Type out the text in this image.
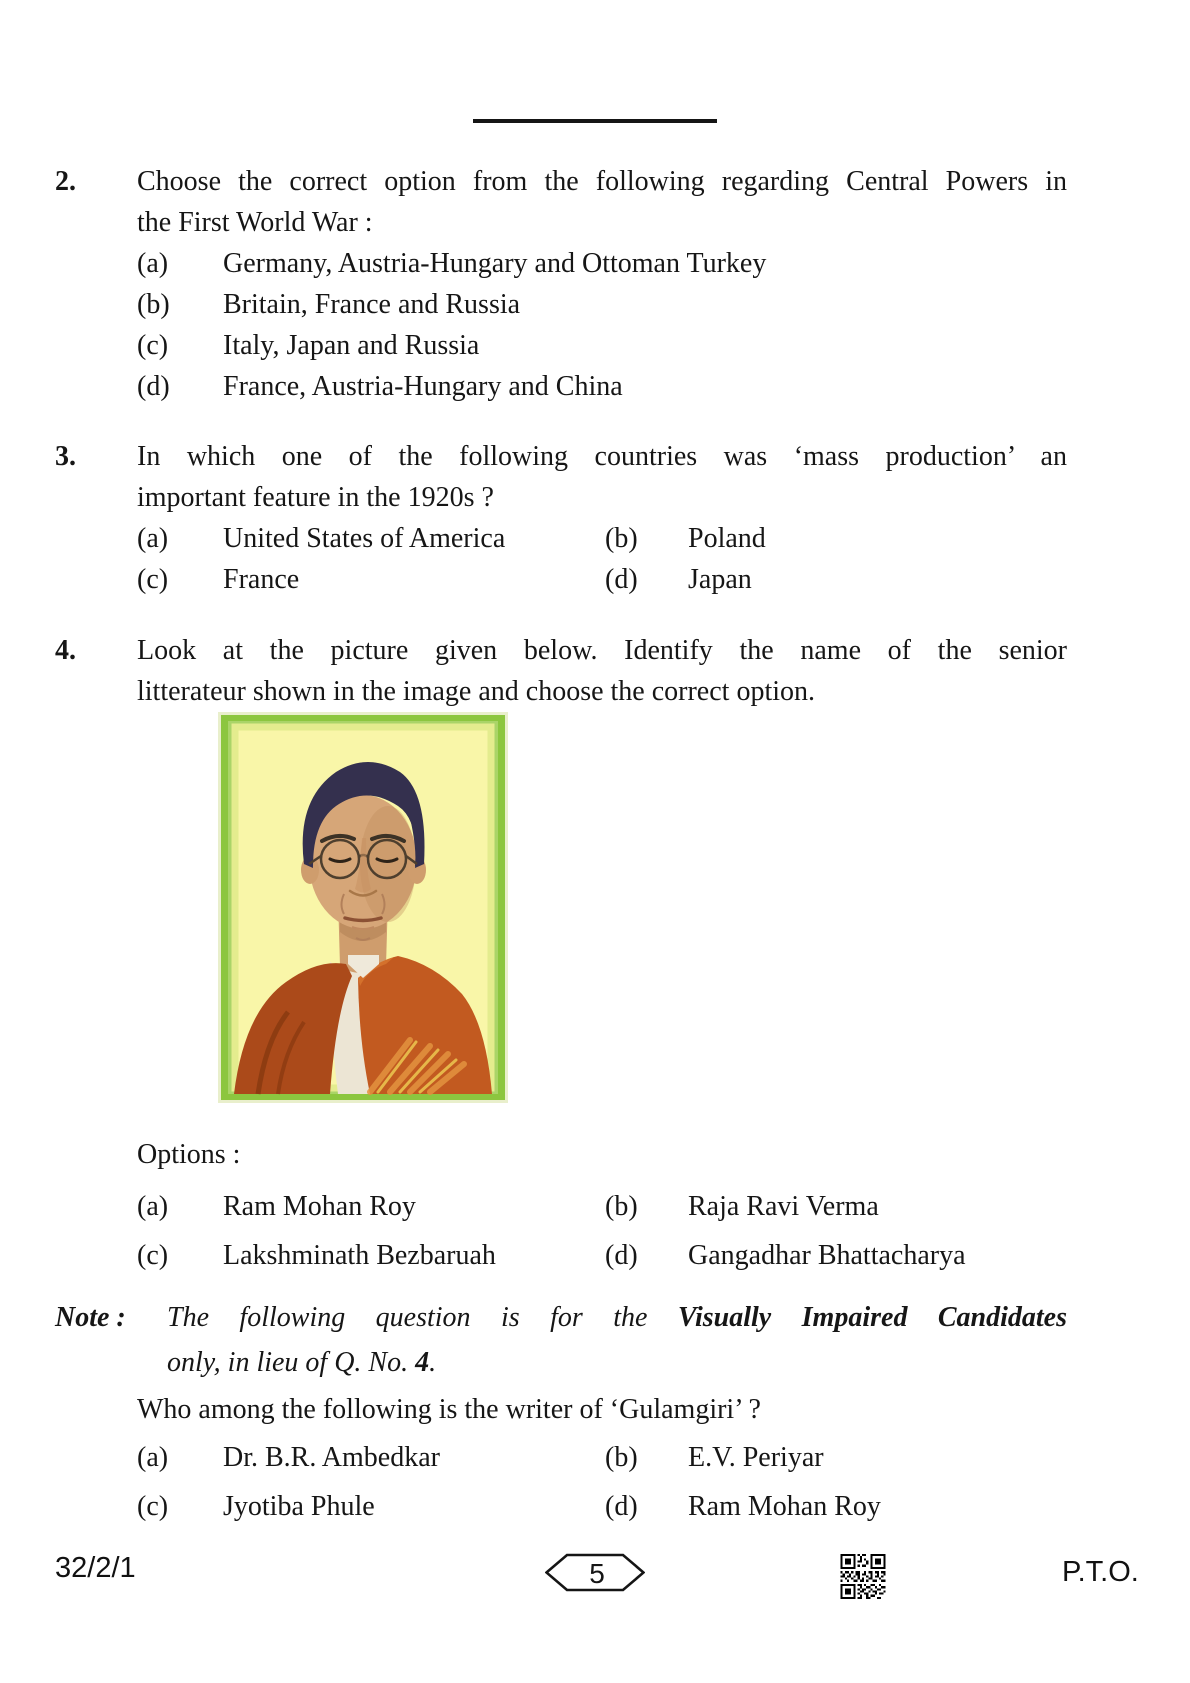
2.	Choose the correct option from the following regarding Central Powers in
the First World War :
(a) Germany, Austria-Hungary and Ottoman Turkey
(b) Britain, France and Russia
(c) Italy, Japan and Russia
(d) France, Austria-Hungary and China
3.	In which one of the following countries was ‘mass production’ an
important feature in the 1920s ?
(a) United States of America	(b) Poland
(c) France	(d) Japan
4.	Look at the picture given below. Identify the name of the senior
litterateur shown in the image and choose the correct option.
Options :
(a) Ram Mohan Roy	(b) Raja Ravi Verma
(c) Lakshminath Bezbaruah	(d) Gangadhar Bhattacharya
Note :	The following question is for the Visually Impaired Candidates
only, in lieu of Q. No. 4.
Who among the following is the writer of ‘Gulamgiri’ ?
(a) Dr. B.R. Ambedkar	(b) E.V. Periyar
(c) Jyotiba Phule	(d) Ram Mohan Roy
32/2/1	5	P.T.O.
